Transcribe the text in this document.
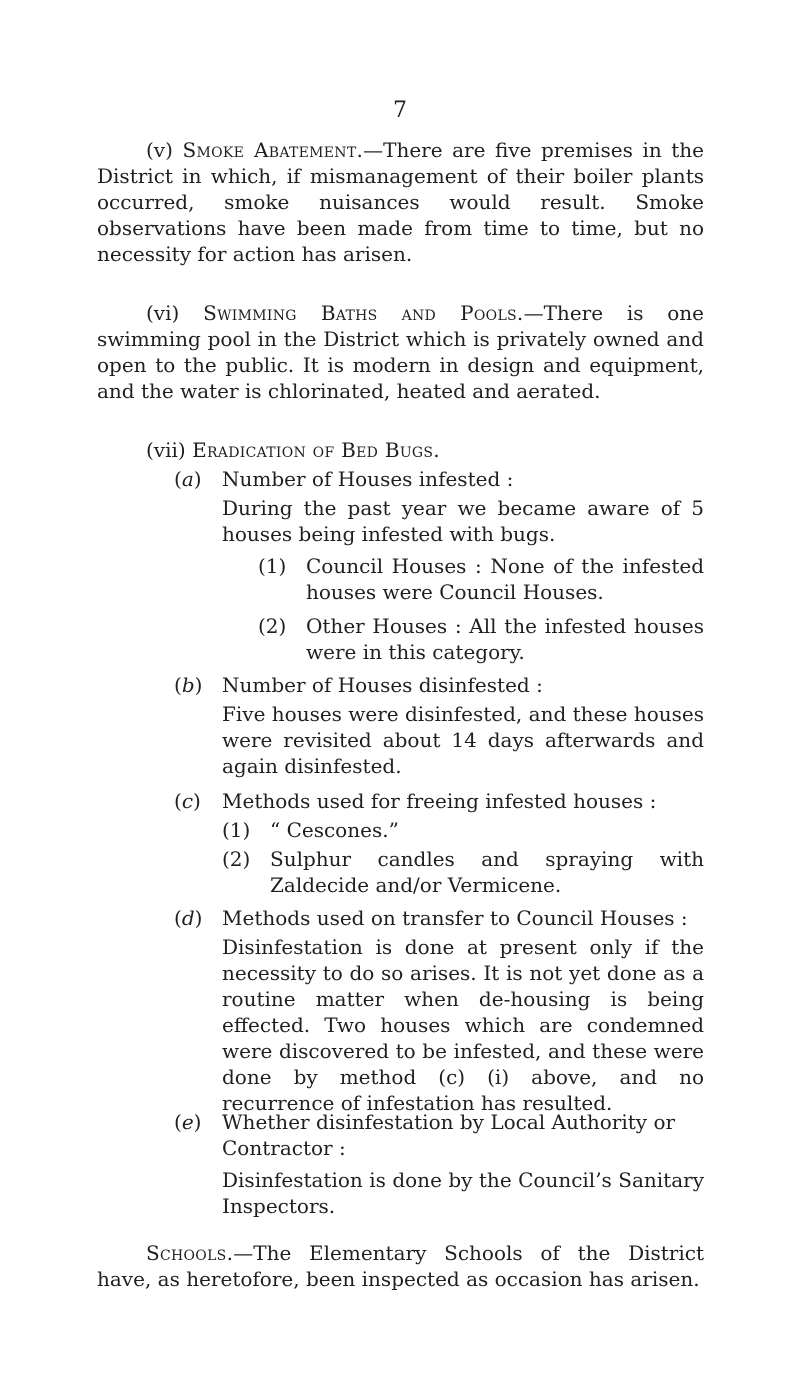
7

(v) Smoke Abatement.—There are five premises in the District in which, if mismanagement of their boiler plants occurred, smoke nuisances would result. Smoke observations have been made from time to time, but no necessity for action has arisen.

(vi) Swimming Baths and Pools.—There is one swimming pool in the District which is privately owned and open to the public. It is modern in design and equipment, and the water is chlorinated, heated and aerated.

(vii) Eradication of Bed Bugs.

(a) Number of Houses infested :

During the past year we became aware of 5 houses being infested with bugs.

(1) Council Houses : None of the infested houses were Council Houses.

(2) Other Houses : All the infested houses were in this category.

(b) Number of Houses disinfested :

Five houses were disinfested, and these houses were revisited about 14 days afterwards and again disinfested.

(c) Methods used for freeing infested houses :

(1) “ Cescones.”

(2) Sulphur candles and spraying with Zaldecide and/or Vermicene.

(d) Methods used on transfer to Council Houses :

Disinfestation is done at present only if the necessity to do so arises. It is not yet done as a routine matter when de-housing is being effected. Two houses which are condemned were discovered to be infested, and these were done by method (c) (i) above, and no recurrence of infestation has resulted.

(e) Whether disinfestation by Local Authority or Contractor :

Disinfestation is done by the Council’s Sanitary Inspectors.

Schools.—The Elementary Schools of the District have, as heretofore, been inspected as occasion has arisen.
